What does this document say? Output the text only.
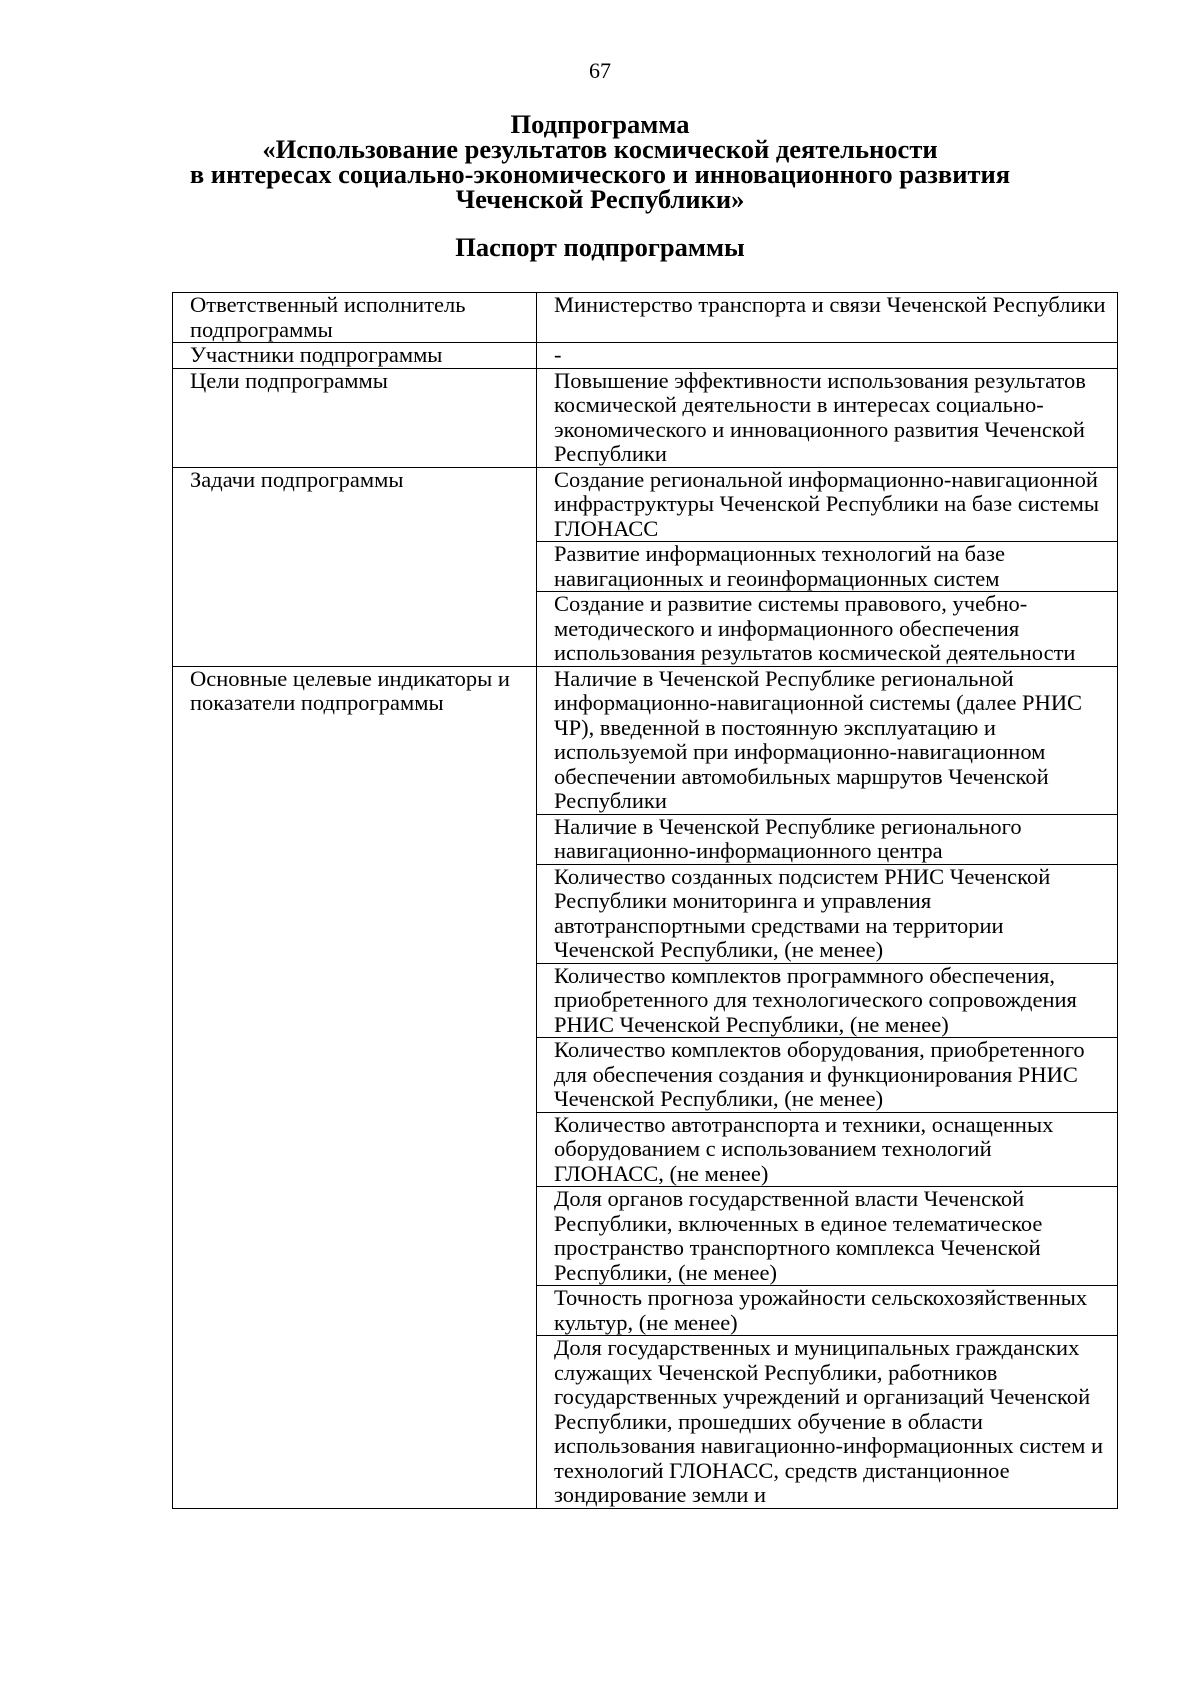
67
Подпрограмма
«Использование результатов космической деятельности
в интересах социально-экономического и инновационного развития
Чеченской Республики»
Паспорт подпрограммы
Ответственный исполнитель подпрограммы	Министерство транспорта и связи Чеченской Республики
Участники подпрограммы	-
Цели подпрограммы	Повышение эффективности использования результатов космической деятельности в интересах социально-экономического и инновационного развития Чеченской Республики
Задачи подпрограммы	Создание региональной информационно-навигационной инфраструктуры Чеченской Республики на базе системы ГЛОНАСС
	Развитие информационных технологий на базе навигационных и геоинформационных систем
	Создание и развитие системы правового, учебно-методического и информационного обеспечения использования результатов космической деятельности
Основные целевые индикаторы и показатели подпрограммы	Наличие в Чеченской Республике региональной информационно-навигационной системы (далее РНИС ЧР), введенной в постоянную эксплуатацию и используемой при информационно-навигационном обеспечении автомобильных маршрутов Чеченской Республики
	Наличие в Чеченской Республике регионального навигационно-информационного центра
	Количество созданных подсистем РНИС Чеченской Республики мониторинга и управления автотранспортными средствами на территории Чеченской Республики, (не менее)
	Количество комплектов программного обеспечения, приобретенного для технологического сопровождения РНИС Чеченской Республики, (не менее)
	Количество комплектов оборудования, приобретенного для обеспечения создания и функционирования РНИС Чеченской Республики, (не менее)
	Количество автотранспорта и техники, оснащенных оборудованием с использованием технологий ГЛОНАСС, (не менее)
	Доля органов государственной власти Чеченской Республики, включенных в единое телематическое пространство транспортного комплекса Чеченской Республики, (не менее)
	Точность прогноза урожайности сельскохозяйственных культур, (не менее)
	Доля государственных и муниципальных гражданских служащих Чеченской Республики, работников государственных учреждений и организаций Чеченской Республики, прошедших обучение в области использования навигационно-информационных систем и технологий ГЛОНАСС, средств дистанционное зондирование земли и
